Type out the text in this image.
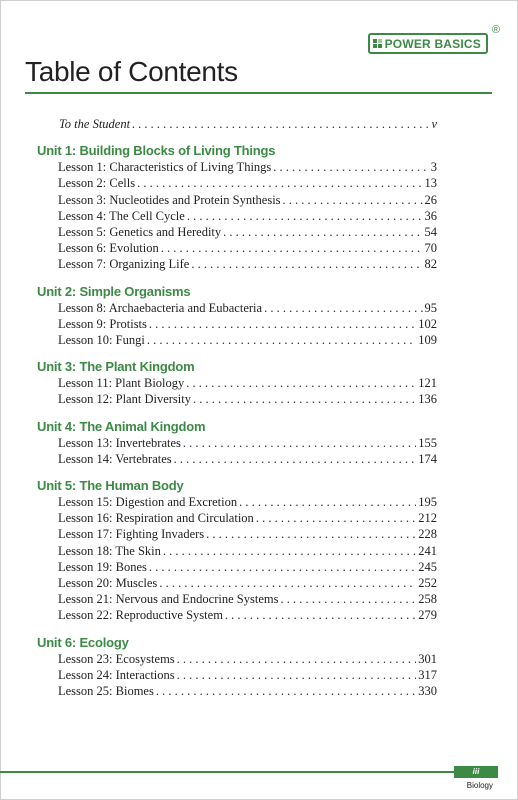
POWER BASICS
®
Table of Contents
To the Student . . .	v
Unit 1: Building Blocks of Living Things
Lesson 1: Characteristics of Living Things . . .	3
Lesson 2: Cells . . .	13
Lesson 3: Nucleotides and Protein Synthesis . . .	26
Lesson 4: The Cell Cycle . . .	36
Lesson 5: Genetics and Heredity . . .	54
Lesson 6: Evolution . . .	70
Lesson 7: Organizing Life . . .	82
Unit 2: Simple Organisms
Lesson 8: Archaebacteria and Eubacteria . . .	95
Lesson 9: Protists . . .	102
Lesson 10: Fungi . . .	109
Unit 3: The Plant Kingdom
Lesson 11: Plant Biology . . .	121
Lesson 12: Plant Diversity . . .	136
Unit 4: The Animal Kingdom
Lesson 13: Invertebrates . . .	155
Lesson 14: Vertebrates . . .	174
Unit 5: The Human Body
Lesson 15: Digestion and Excretion . . .	195
Lesson 16: Respiration and Circulation . . .	212
Lesson 17: Fighting Invaders . . .	228
Lesson 18: The Skin . . .	241
Lesson 19: Bones . . .	245
Lesson 20: Muscles . . .	252
Lesson 21: Nervous and Endocrine Systems . . .	258
Lesson 22: Reproductive System . . .	279
Unit 6: Ecology
Lesson 23: Ecosystems . . .	301
Lesson 24: Interactions . . .	317
Lesson 25: Biomes . . .	330
iii
Biology
